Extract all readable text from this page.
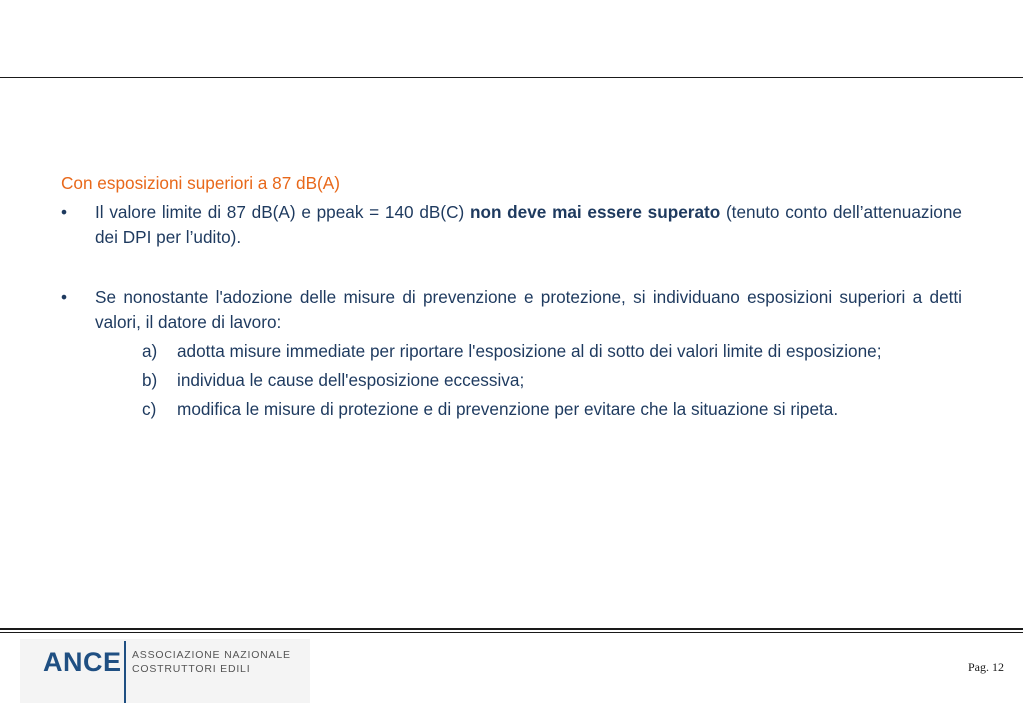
Con esposizioni superiori a 87 dB(A)
• Il valore limite di 87 dB(A) e ppeak = 140 dB(C) non deve mai essere superato (tenuto conto dell’attenuazione dei DPI per l’udito).
• Se nonostante l'adozione delle misure di prevenzione e protezione, si individuano esposizioni superiori a detti valori, il datore di lavoro:
a) adotta misure immediate per riportare l'esposizione al di sotto dei valori limite di esposizione;
b) individua le cause dell'esposizione eccessiva;
c) modifica le misure di protezione e di prevenzione per evitare che la situazione si ripeta.
ANCE ASSOCIAZIONE NAZIONALE
COSTRUTTORI EDILI	Pag. 12
